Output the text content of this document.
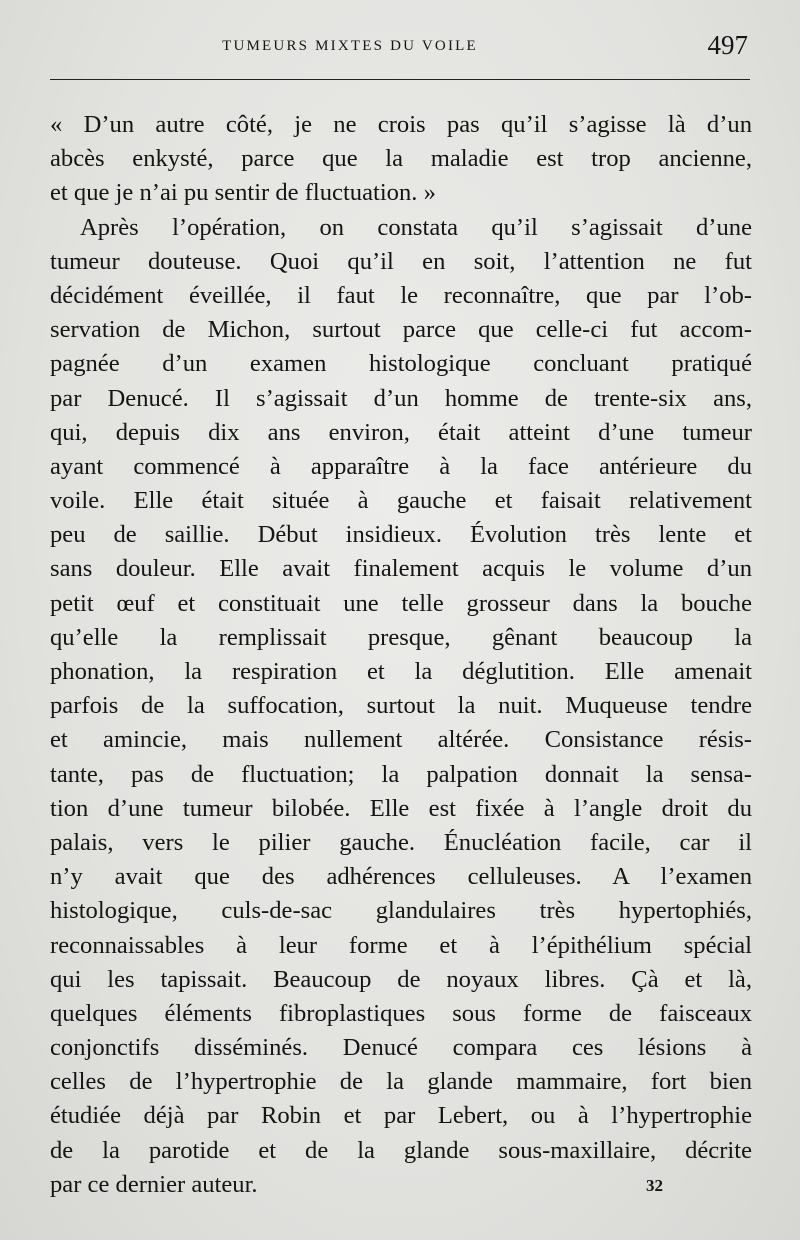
TUMEURS MIXTES DU VOILE	497
« D’un autre côté, je ne crois pas qu’il s’agisse là d’un
abcès enkysté, parce que la maladie est trop ancienne,
et que je n’ai pu sentir de fluctuation. »
Après l’opération, on constata qu’il s’agissait d’une
tumeur douteuse. Quoi qu’il en soit, l’attention ne fut
décidément éveillée, il faut le reconnaître, que par l’ob-
servation de Michon, surtout parce que celle-ci fut accom-
pagnée d’un examen histologique concluant pratiqué
par Denucé. Il s’agissait d’un homme de trente-six ans,
qui, depuis dix ans environ, était atteint d’une tumeur
ayant commencé à apparaître à la face antérieure du
voile. Elle était située à gauche et faisait relativement
peu de saillie. Début insidieux. Évolution très lente et
sans douleur. Elle avait finalement acquis le volume d’un
petit œuf et constituait une telle grosseur dans la bouche
qu’elle la remplissait presque, gênant beaucoup la
phonation, la respiration et la déglutition. Elle amenait
parfois de la suffocation, surtout la nuit. Muqueuse tendre
et amincie, mais nullement altérée. Consistance résis-
tante, pas de fluctuation; la palpation donnait la sensa-
tion d’une tumeur bilobée. Elle est fixée à l’angle droit du
palais, vers le pilier gauche. Énucléation facile, car il
n’y avait que des adhérences celluleuses. A l’examen
histologique, culs-de-sac glandulaires très hypertophiés,
reconnaissables à leur forme et à l’épithélium spécial
qui les tapissait. Beaucoup de noyaux libres. Çà et là,
quelques éléments fibroplastiques sous forme de faisceaux
conjonctifs disséminés. Denucé compara ces lésions à
celles de l’hypertrophie de la glande mammaire, fort bien
étudiée déjà par Robin et par Lebert, ou à l’hypertrophie
de la parotide et de la glande sous-maxillaire, décrite
par ce dernier auteur.	32
